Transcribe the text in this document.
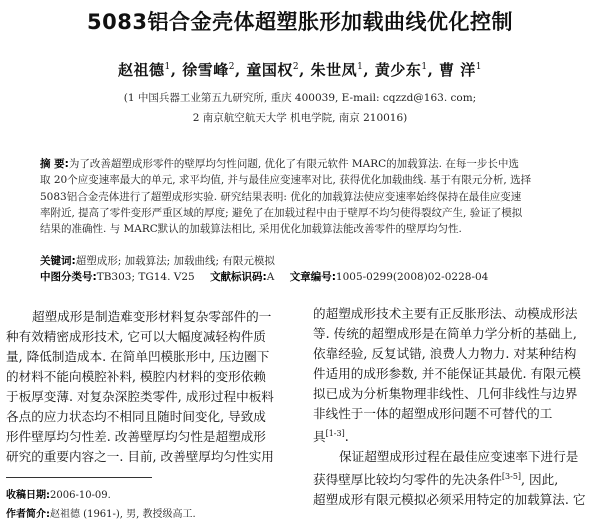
5083铝合金壳体超塑胀形加载曲线优化控制
赵祖德$^1$, 徐雪峰$^2$, 童国权$^2$, 朱世凤$^1$, 黄少东$^1$, 曹 洋$^1$
(1 中国兵器工业第五九研究所, 重庆 400039, E-mail: cqzzd@163. com;
2 南京航空航天大学 机电学院, 南京 210016)
摘 要:为了改善超塑成形零件的壁厚均匀性问题, 优化了有限元软件 MARC的加载算法. 在每一步长中选
取 20个应变速率最大的单元, 求平均值, 并与最佳应变速率对比, 获得优化加载曲线. 基于有限元分析, 选择
5083铝合金壳体进行了超塑成形实验. 研究结果表明: 优化的加载算法使应变速率始终保持在最佳应变速
率附近, 提高了零件变形严重区域的厚度; 避免了在加载过程中由于壁厚不均匀使得裂纹产生, 验证了模拟
结果的准确性. 与 MARC默认的加载算法相比, 采用优化加载算法能改善零件的壁厚均匀性.
关键词:超塑成形; 加载算法; 加载曲线; 有限元模拟
中图分类号:TB303; TG14. V25 文献标识码:A 文章编号:1005-0299(2008)02-0228-04
超塑成形是制造难变形材料复杂零部件的一
种有效精密成形技术, 它可以大幅度减轻构件质
量, 降低制造成本. 在简单凹模胀形中, 压边圈下
的材料不能向模腔补料, 模腔内材料的变形依赖
于板厚变薄. 对复杂深腔类零件, 成形过程中板料
各点的应力状态均不相同且随时间变化, 导致成
形件壁厚均匀性差. 改善壁厚均匀性是超塑成形
研究的重要内容之一. 目前, 改善壁厚均匀性实用
的超塑成形技术主要有正反胀形法、动模成形法
等. 传统的超塑成形是在简单力学分析的基础上,
依靠经验, 反复试错, 浪费人力物力. 对某种结构
件适用的成形参数, 并不能保证其最优. 有限元模
拟已成为分析集物理非线性、几何非线性与边界
非线性于一体的超塑成形问题不可替代的工
具[1-3].
保证超塑成形过程在最佳应变速率下进行是
获得壁厚比较均匀零件的先决条件[3-5], 因此,
超塑成形有限元模拟必须采用特定的加载算法. 它
收稿日期:2006-10-09.
作者简介:赵祖德 (1961-), 男, 教授级高工.
